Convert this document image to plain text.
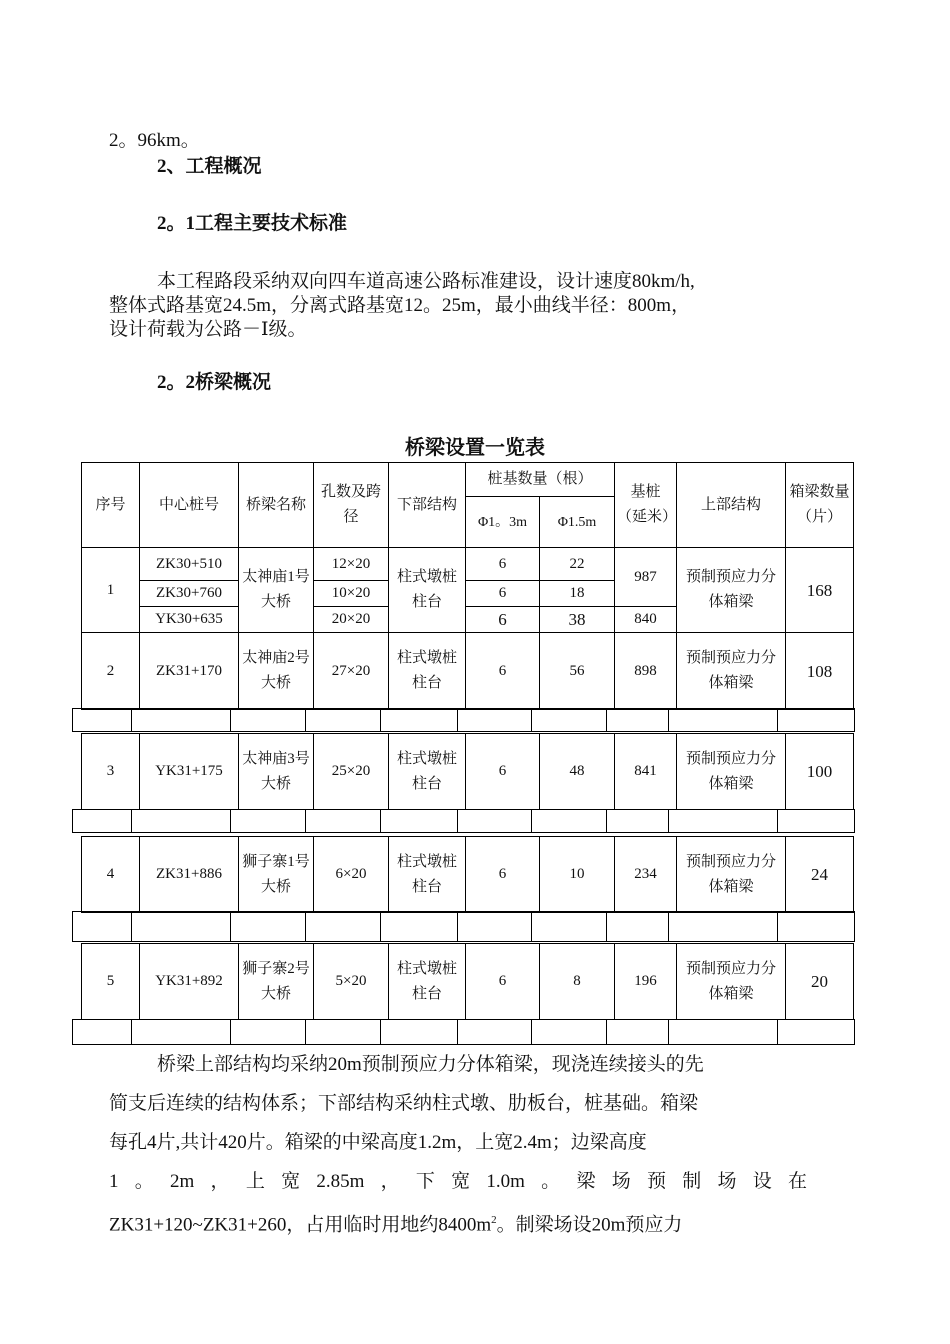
2。96km。
2、工程概况
2。1工程主要技术标准
本工程路段采纳双向四车道高速公路标准建设，设计速度80km/h,
整体式路基宽24.5m，分离式路基宽12。25m，最小曲线半径：800m，
设计荷载为公路－Ⅰ级。
2。2桥梁概况
桥梁设置一览表
序号	中心桩号	桥梁名称	孔数及跨径	下部结构	桩基数量（根）		基桩（延米）	上部结构	箱梁数量（片）
					Φ1。3m	Φ1.5m			
1	ZK30+510	太神庙1号大桥	12×20	柱式墩桩柱台	6	22	987	预制预应力分体箱梁	168
	ZK30+760		10×20		6	18			
	YK30+635		20×20		6	38	840		
2	ZK31+170	太神庙2号大桥	27×20	柱式墩桩柱台	6	56	898	预制预应力分体箱梁	108

3	YK31+175	太神庙3号大桥	25×20	柱式墩桩柱台	6	48	841	预制预应力分体箱梁	100

4	ZK31+886	狮子寨1号大桥	6×20	柱式墩桩柱台	6	10	234	预制预应力分体箱梁	24

5	YK31+892	狮子寨2号大桥	5×20	柱式墩桩柱台	6	8	196	预制预应力分体箱梁	20

桥梁上部结构均采纳20m预制预应力分体箱梁，现浇连续接头的先
简支后连续的结构体系；下部结构采纳柱式墩、肋板台，桩基础。箱梁
每孔4片,共计420片。箱梁的中梁高度1.2m，上宽2.4m；边梁高度
1。2m，上宽2.85m，下宽1.0m。梁场预制场设在
ZK31+120~ZK31+260，占用临时用地约$8400m^2$。制梁场设20m预应力
